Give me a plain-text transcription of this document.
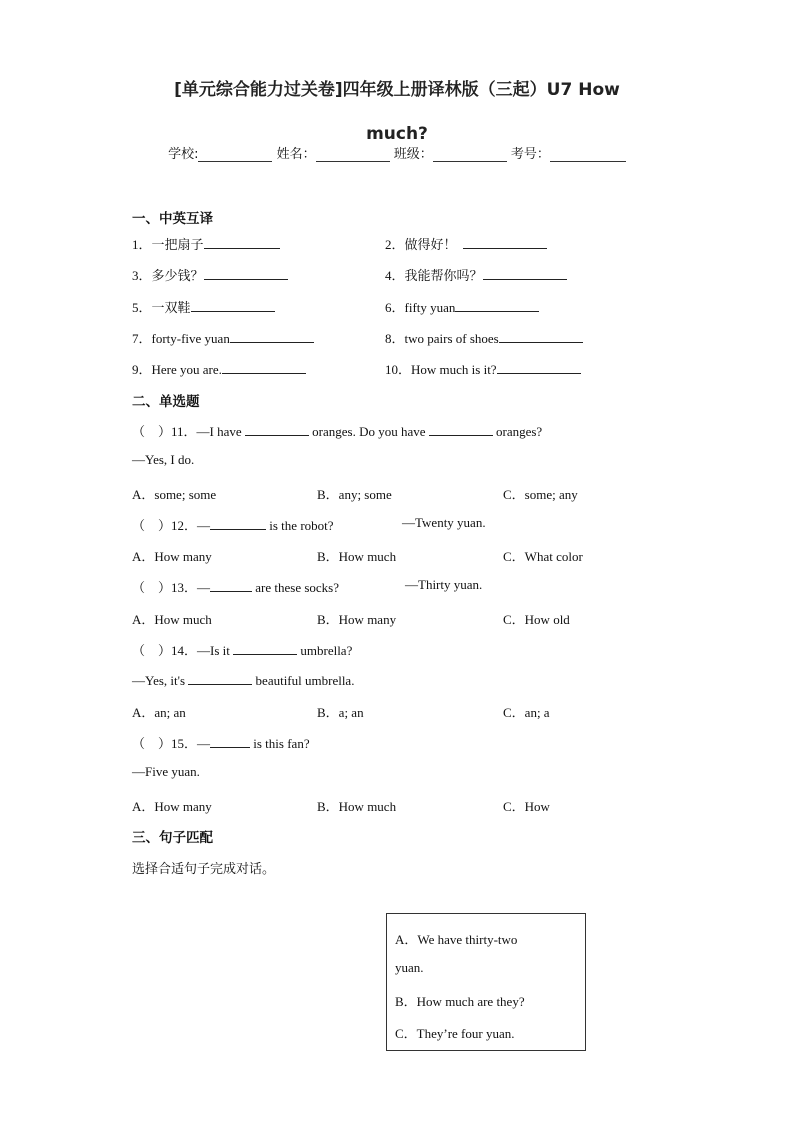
[单元综合能力过关卷]四年级上册译林版（三起）U7 How
much?
学校:	姓名：	班级：	考号：
一、中英互译
1．一把扇子	2．做得好！
3．多少钱？	4．我能帮你吗？
5．一双鞋	6．fifty yuan
7．forty-five yuan	8．two pairs of shoes
9．Here you are.	10．How much is it?
二、单选题
（　）11．—I have	oranges. Do you have	oranges?
—Yes, I do.
A．some; some	B．any; some	C．some; any
（　）12．—	is the robot?	—Twenty yuan.
A．How many	B．How much	C．What color
（　）13．—	are these socks?	—Thirty yuan.
A．How much	B．How many	C．How old
（　）14．—Is it	umbrella?
—Yes, it's	beautiful umbrella.
A．an; an	B．a; an	C．an; a
（　）15．—	is this fan?
—Five yuan.
A．How many	B．How much	C．How
三、句子匹配
选择合适句子完成对话。
A．We have thirty-two
yuan.
B．How much are they?
C．They’re four yuan.
